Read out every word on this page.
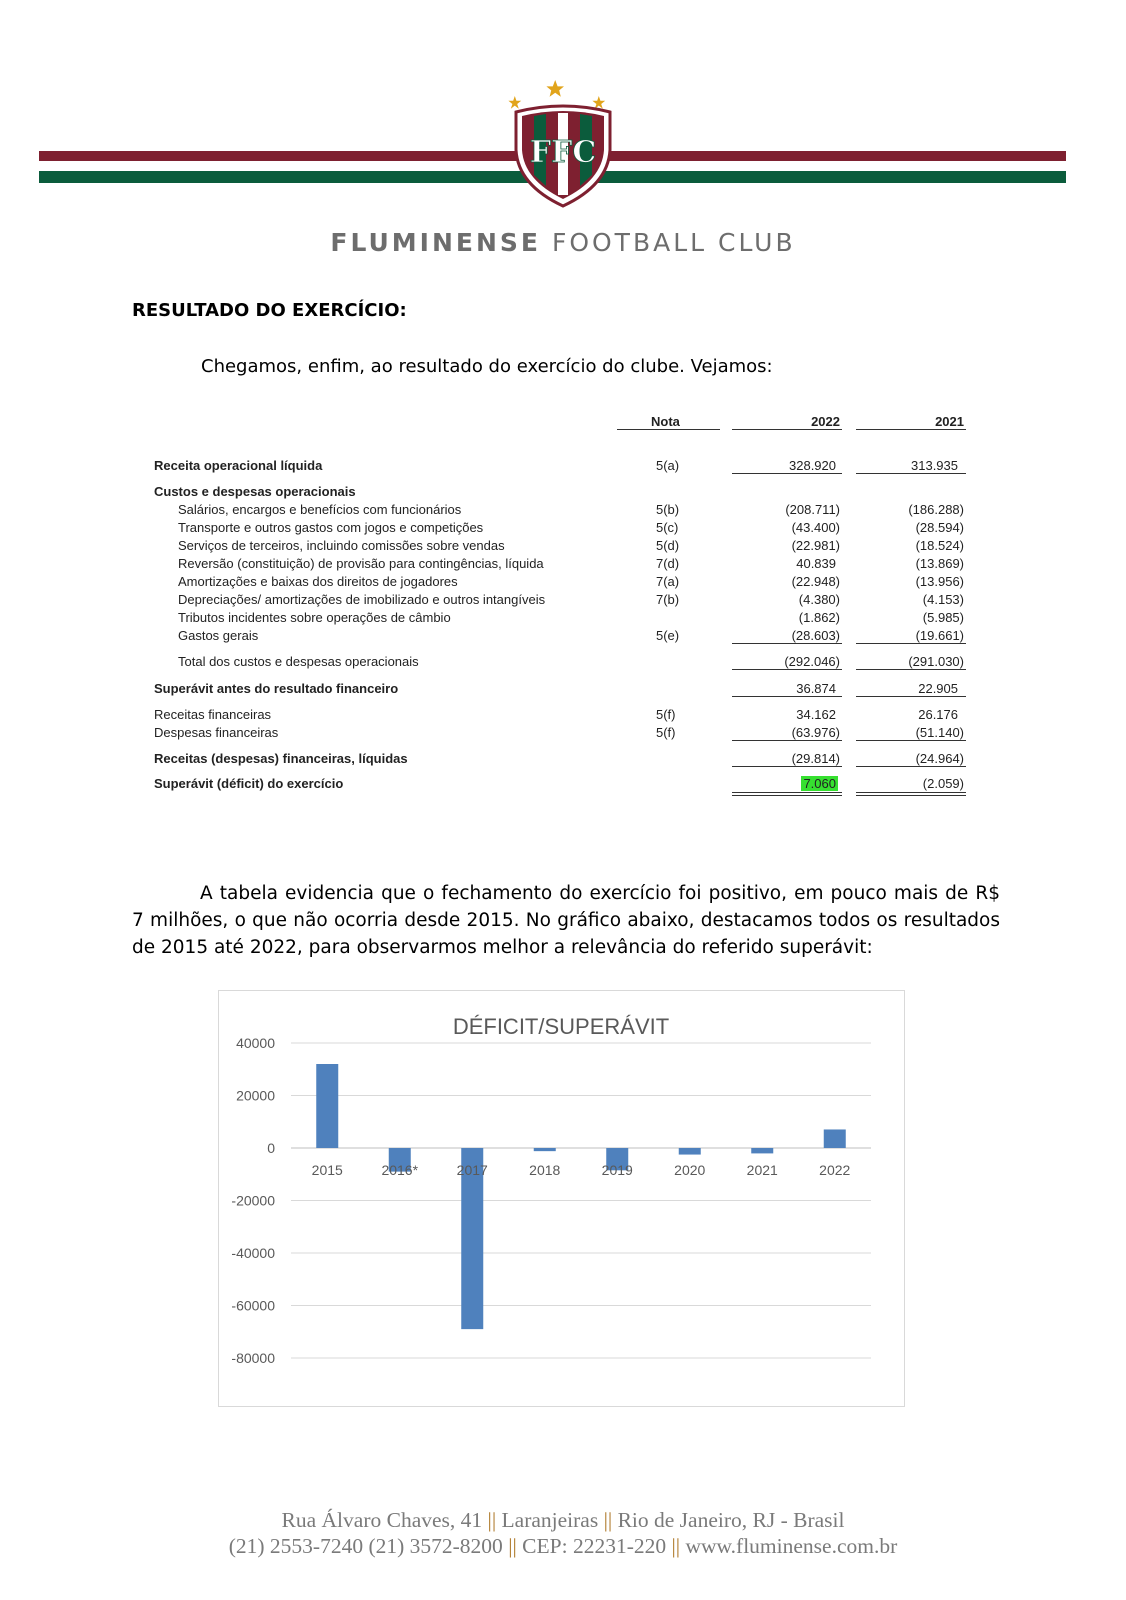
FFC
FLUMINENSE FOOTBALL CLUB
RESULTADO DO EXERCÍCIO:
Chegamos, enfim, ao resultado do exercício do clube. Vejamos:
Nota	2022	2021
Receita operacional líquida	5(a)	328.920	313.935
Custos e despesas operacionais
Salários, encargos e benefícios com funcionários	5(b)	(208.711)	(186.288)
Transporte e outros gastos com jogos e competições	5(c)	(43.400)	(28.594)
Serviços de terceiros, incluindo comissões sobre vendas	5(d)	(22.981)	(18.524)
Reversão (constituição) de provisão para contingências, líquida	7(d)	40.839	(13.869)
Amortizações e baixas dos direitos de jogadores	7(a)	(22.948)	(13.956)
Depreciações/ amortizações de imobilizado e outros intangíveis	7(b)	(4.380)	(4.153)
Tributos incidentes sobre operações de câmbio	(1.862)	(5.985)
Gastos gerais	5(e)	(28.603)	(19.661)
Total dos custos e despesas operacionais	(292.046)	(291.030)
Superávit antes do resultado financeiro	36.874	22.905
Receitas financeiras	5(f)	34.162	26.176
Despesas financeiras	5(f)	(63.976)	(51.140)
Receitas (despesas) financeiras, líquidas	(29.814)	(24.964)
Superávit (déficit) do exercício	7.060	(2.059)
A tabela evidencia que o fechamento do exercício foi positivo, em pouco mais de R$ 7 milhões, o que não ocorria desde 2015. No gráfico abaixo, destacamos todos os resultados de 2015 até 2022, para observarmos melhor a relevância do referido superávit:
DÉFICIT/SUPERÁVIT
40000
20000
0
-20000
-40000
-60000
-80000
2015	2016*	2017	2018	2019	2020	2021	2022
Rua Álvaro Chaves, 41 || Laranjeiras || Rio de Janeiro, RJ - Brasil
(21) 2553-7240 (21) 3572-8200 || CEP: 22231-220 || www.fluminense.com.br
